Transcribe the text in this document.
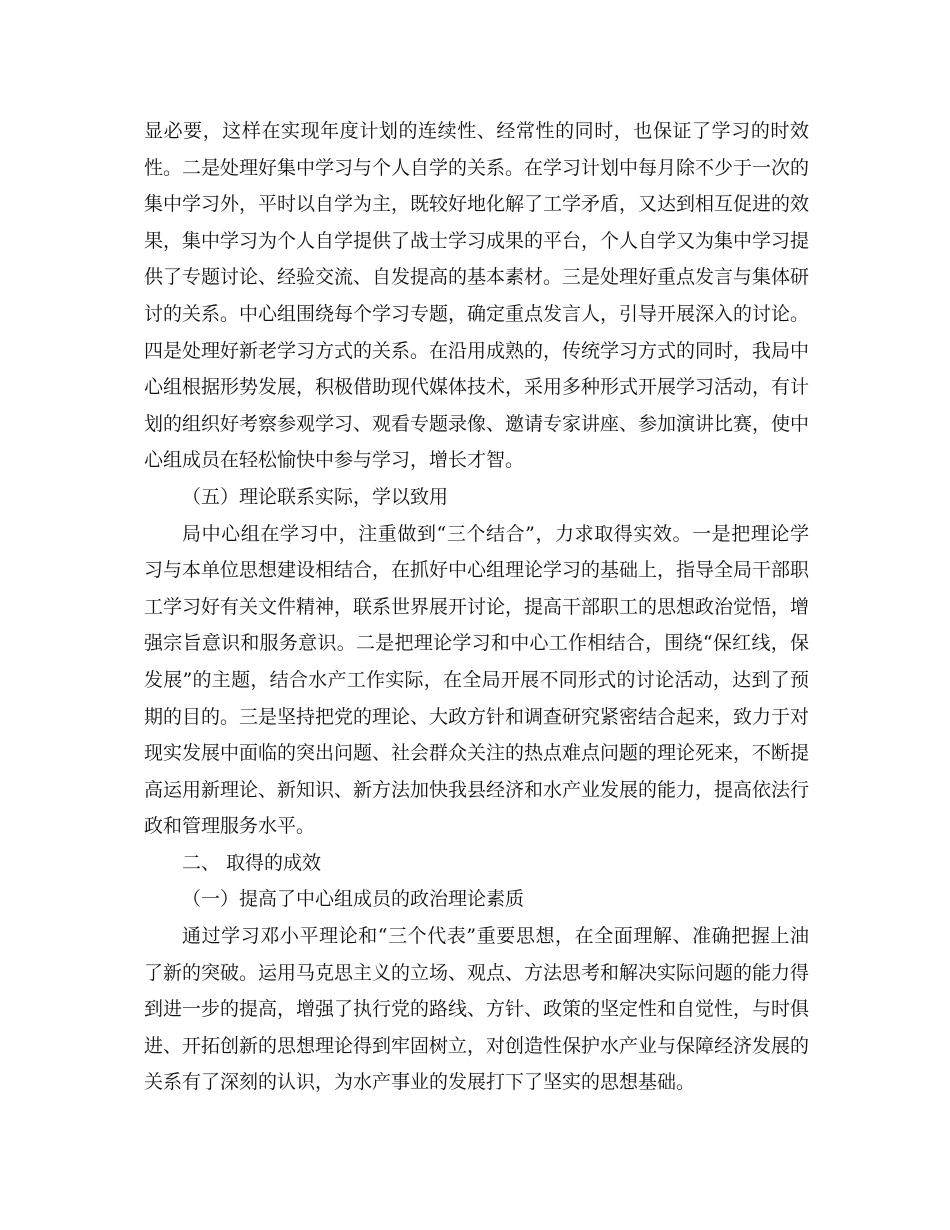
显必要，这样在实现年度计划的连续性、经常性的同时，也保证了学习的时效性。二是处理好集中学习与个人自学的关系。在学习计划中每月除不少于一次的集中学习外，平时以自学为主，既较好地化解了工学矛盾，又达到相互促进的效果，集中学习为个人自学提供了战士学习成果的平台，个人自学又为集中学习提供了专题讨论、经验交流、自发提高的基本素材。三是处理好重点发言与集体研讨的关系。中心组围绕每个学习专题，确定重点发言人，引导开展深入的讨论。四是处理好新老学习方式的关系。在沿用成熟的，传统学习方式的同时，我局中心组根据形势发展，积极借助现代媒体技术，采用多种形式开展学习活动，有计划的组织好考察参观学习、观看专题录像、邀请专家讲座、参加演讲比赛，使中心组成员在轻松愉快中参与学习，增长才智。

（五）理论联系实际，学以致用

局中心组在学习中，注重做到“三个结合”，力求取得实效。一是把理论学习与本单位思想建设相结合，在抓好中心组理论学习的基础上，指导全局干部职工学习好有关文件精神，联系世界展开讨论，提高干部职工的思想政治觉悟，增强宗旨意识和服务意识。二是把理论学习和中心工作相结合，围绕“保红线，保发展”的主题，结合水产工作实际，在全局开展不同形式的讨论活动，达到了预期的目的。三是坚持把党的理论、大政方针和调查研究紧密结合起来，致力于对现实发展中面临的突出问题、社会群众关注的热点难点问题的理论死来，不断提高运用新理论、新知识、新方法加快我县经济和水产业发展的能力，提高依法行政和管理服务水平。

二、 取得的成效

（一）提高了中心组成员的政治理论素质

通过学习邓小平理论和“三个代表”重要思想，在全面理解、准确把握上油了新的突破。运用马克思主义的立场、观点、方法思考和解决实际问题的能力得到进一步的提高，增强了执行党的路线、方针、政策的坚定性和自觉性，与时俱进、开拓创新的思想理论得到牢固树立，对创造性保护水产业与保障经济发展的关系有了深刻的认识，为水产事业的发展打下了坚实的思想基础。
